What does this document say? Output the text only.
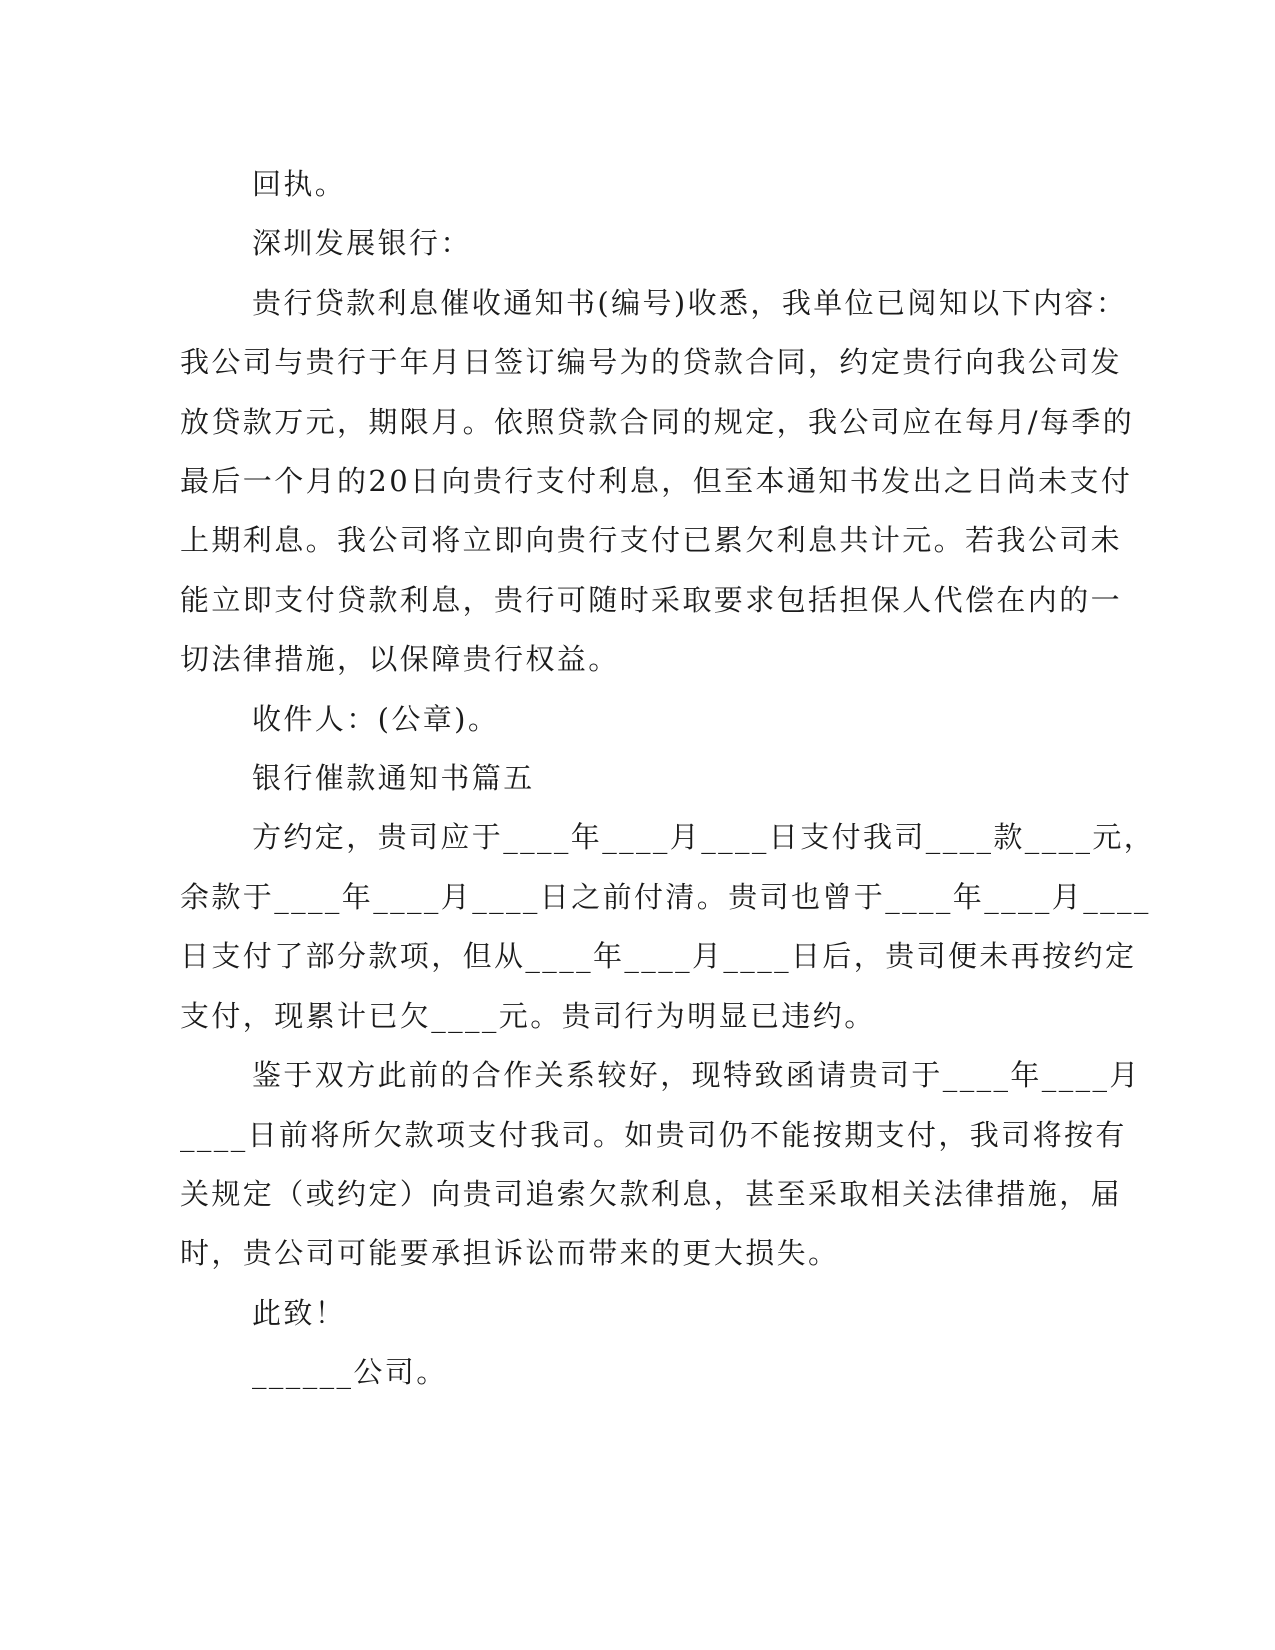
回执。
深圳发展银行：
贵行贷款利息催收通知书(编号)收悉，我单位已阅知以下内容：
我公司与贵行于年月日签订编号为的贷款合同，约定贵行向我公司发
放贷款万元，期限月。依照贷款合同的规定，我公司应在每月/每季的
最后一个月的20日向贵行支付利息，但至本通知书发出之日尚未支付
上期利息。我公司将立即向贵行支付已累欠利息共计元。若我公司未
能立即支付贷款利息，贵行可随时采取要求包括担保人代偿在内的一
切法律措施，以保障贵行权益。
收件人：(公章)。
银行催款通知书篇五
方约定，贵司应于____年____月____日支付我司____款____元，
余款于____年____月____日之前付清。贵司也曾于____年____月____
日支付了部分款项，但从____年____月____日后，贵司便未再按约定
支付，现累计已欠____元。贵司行为明显已违约。
鉴于双方此前的合作关系较好，现特致函请贵司于____年____月
____日前将所欠款项支付我司。如贵司仍不能按期支付，我司将按有
关规定（或约定）向贵司追索欠款利息，甚至采取相关法律措施，届
时，贵公司可能要承担诉讼而带来的更大损失。
此致！
______公司。
